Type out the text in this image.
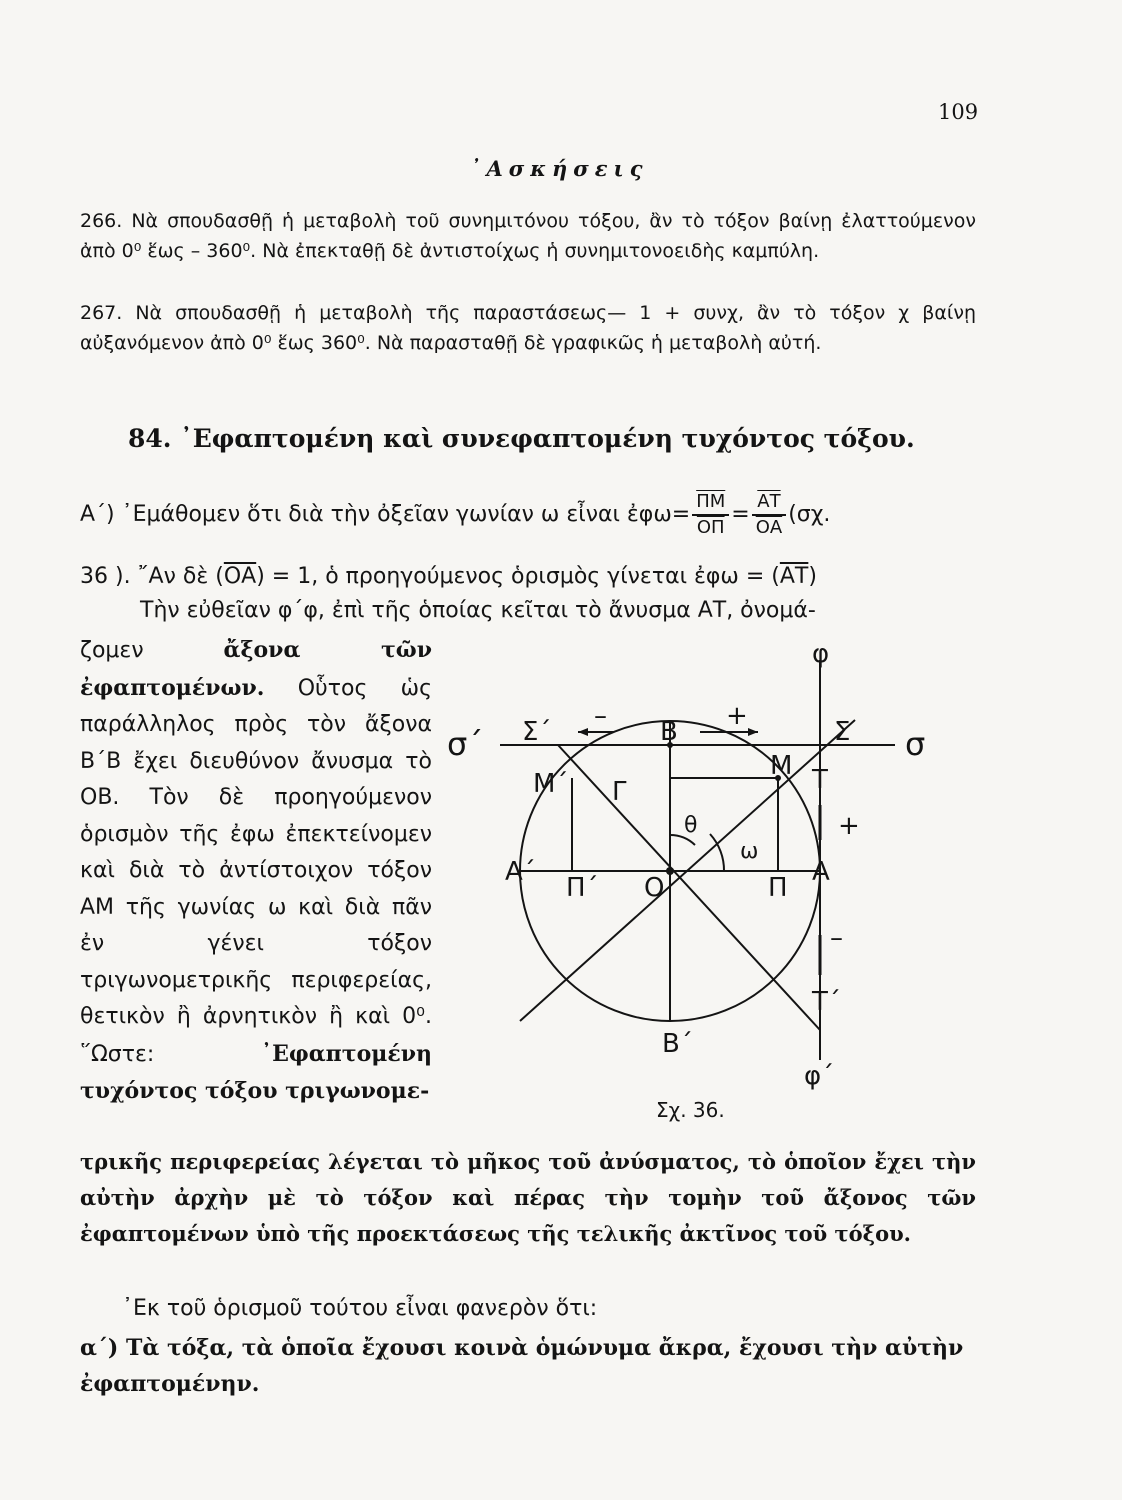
109
᾿Ασκήσεις
266. Νὰ σπουδασθῇ ἡ μεταβολὴ τοῦ συνημιτόνου τόξου, ἂν τὸ τόξον βαίνῃ ἐλαττούμενον ἀπὸ 0⁰ ἕως – 360⁰. Νὰ ἐπεκταθῇ δὲ ἀντιστοίχως ἡ συνημιτονοειδὴς καμπύλη.
267. Νὰ σπουδασθῇ ἡ μεταβολὴ τῆς παραστάσεως— 1 + συνχ, ἂν τὸ τόξον χ βαίνῃ αὐξανόμενον ἀπὸ 0⁰ ἕως 360⁰. Νὰ παρασταθῇ δὲ γραφικῶς ἡ μεταβολὴ αὐτή.
84. ᾿Εφαπτομένη καὶ συνεφαπτομένη τυχόντος τόξου.
Α΄) ᾿Εμάθομεν ὅτι διὰ τὴν ὀξεῖαν γωνίαν ω εἶναι ἐφω= $\frac{\overline{\Pi M}}{O\Pi} = \frac{\overline{AT}}{OA} (\sigma\chi$.
36 ). ῎Αν δὲ $(\overline{OA}) = 1$, ὁ προηγούμενος ὁρισμὸς γίνεται ἐφω = $(\overline{AT})$
Τὴν εὐθεῖαν φ΄φ, ἐπὶ τῆς ὁποίας κεῖται τὸ ἄνυσμα ΑΤ, ὀνομά-
ζομεν	ἄξονα τῶν ἐφαπτομένων. Οὗτος ὡς παράλληλος πρὸς τὸν ἄξονα Β΄Β ἔχει διευθύνον ἄνυσμα τὸ ΟΒ. Τὸν δὲ προηγούμενον ὁρισμὸν τῆς ἐφω ἐπεκτείνομεν καὶ διὰ τὸ ἀντίστοιχον τόξον ΑΜ τῆς γωνίας ω καὶ διὰ πᾶν ἐν γένει τόξον τριγωνομετρικῆς περιφερείας, θετικὸν ἢ ἀρνητικὸν ἢ καὶ 0⁰. ῞Ωστε:	᾿Εφαπτομένη τυχόντος τόξου τριγωνομε-
φ
φ΄
σ΄	σ
Σ΄	Σ
Β
Β΄
Μ
Μ΄ Γ	Τ
Τ΄
Α
Α΄
Ο	Π
Π΄
θ
ω
–	+
+
–
Σχ. 36.
τρικῆς περιφερείας λέγεται τὸ μῆκος τοῦ ἀνύσματος, τὸ ὁποῖον ἔχει τὴν αὐτὴν ἀρχὴν μὲ τὸ τόξον καὶ πέρας τὴν τομὴν τοῦ ἄξονος τῶν ἐφαπτομένων ὑπὸ τῆς προεκτάσεως τῆς τελικῆς ἀκτῖνος τοῦ τόξου.
᾿Εκ τοῦ ὁρισμοῦ τούτου εἶναι φανερὸν ὅτι:
α΄) Τὰ τόξα, τὰ ὁποῖα ἔχουσι κοινὰ ὁμώνυμα ἄκρα, ἔχουσι τὴν αὐτὴν ἐφαπτομένην.
